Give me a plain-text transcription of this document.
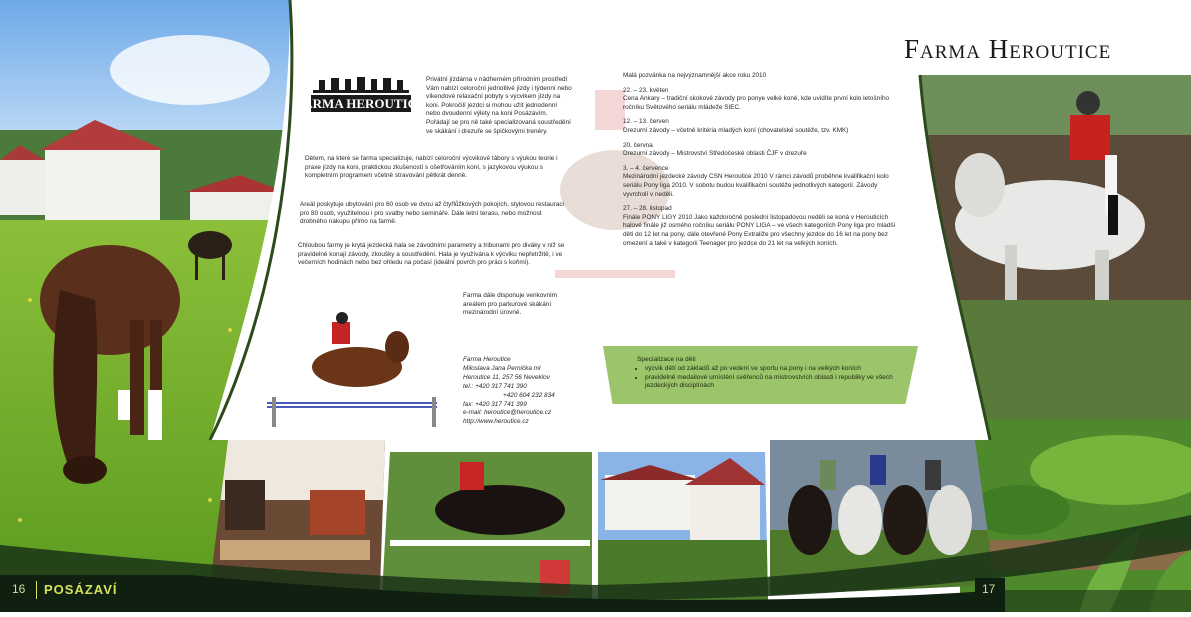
Farma Heroutice
FARMA HEROUTICE

Privátní jízdárna v nádherném přírodním prostředí Vám nabízí celoroční jednotlivé jízdy i týdenní nebo víkendové relaxační pobyty s výcvikem jízdy na koni. Pokročilí jezdci si mohou užít jednodenní nebo dvoudenní výlety na koni Posázavím. Pořádají se pro ně také specializovaná soustředění ve skákání i drezuře se špičkovými trenéry.

Dětem, na které se farma specializuje, nabízí celoroční výcvikové tábory s výukou teorie i praxe jízdy na koni, praktickou zkušeností s ošetřováním koní, s jazykovou výukou s kompletním programem včetně stravování pětkrát denně.

Areál poskytuje ubytování pro 60 osob ve dvou až čtyřlůžkových pokojích, stylovou restauraci pro 80 osob, využitelnou i pro svatby nebo semináře. Dále letní terasu, nebo možnost drobného nákupu přímo na farmě.

Chloubou farmy je krytá jezdecká hala se závodními parametry a tribunami pro diváky v níž se pravidelně konají závody, zkoušky a soustředění. Hala je využívána k výcviku nepřetržitě, i ve večerních hodinách nebo bez ohledu na počasí (ideální povrch pro práci s koňmi).

Farma dále disponuje venkovním areálem pro parkurové skákání mezinárodní úrovně.

Farma Heroutice
Miloslava Jana Pernička ml
Heroutice 11, 257 56 Neveklov
tel.: +420 317 741 390
+420 604 232 834
fax: +420 317 741 399
e-mail: heroutice@heroutice.cz
http://www.heroutice.cz

Malá pozvánka na nejvýznamnější akce roku 2010

22. – 23. květen
Cena Ankary – tradiční skokové závody pro ponye velké koně, kde uvidíte první kolo letošního ročníku Světového seriálu mládeže SIEC.
12. – 13. červen
Drezurní závody – včetně kritéria mladých koní (chovatelské soutěže, tzv. KMK)
20. června
Drezurní závody – Mistrovství Středočeské oblasti ČJF v drezuře
3. – 4. července
Mezinárodní jezdecké závody CSN Heroutice 2010 V rámci závodů proběhne kvalifikační kolo seriálu Pony liga 2010. V sobotu budou kvalifikační soutěže jednotlivých kategorií. Závody vyvrcholí v neděli.
27. – 28. listopad
Finále PONY LIGY 2010 Jako každoročně poslední listopadovou neděli se koná v Herouticích halové finále již osmého ročníku seriálu PONY LIGA – ve všech kategoriích Pony liga pro mladší děti do 12 let na pony, dále otevřené Pony Extraliže pro všechny jezdce do 16 let na pony bez omezení a také v kategorii Teenager pro jezdce do 21 let na velkých koních.
Specializace na děti
• výcvik dětí od základů až po vedení ve sportu na pony i na velkých koních
• pravidelně medailové umístění svěřenců na mistrovstvích oblasti i republiky ve všech jezdeckých disciplínách
16 POSÁZAVÍ	17
